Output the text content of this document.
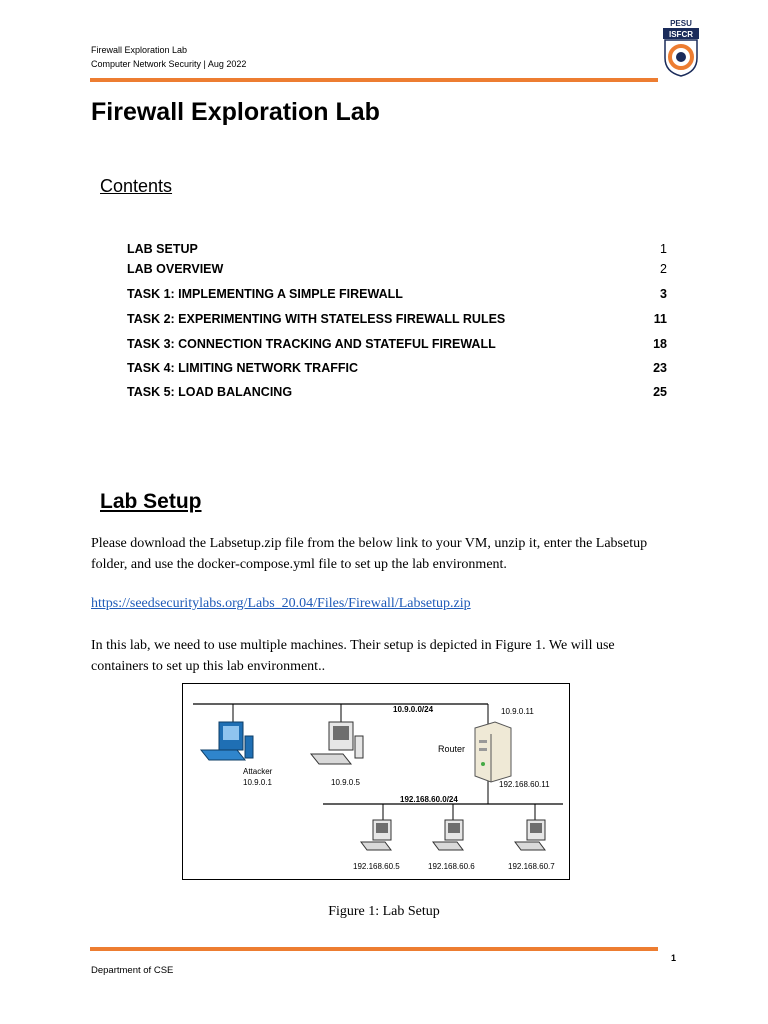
Firewall Exploration Lab
Computer Network Security | Aug 2022
PESU
ISFCR
Firewall Exploration Lab
Contents
LAB SETUP	1
LAB OVERVIEW	2
TASK 1: IMPLEMENTING A SIMPLE FIREWALL	3
TASK 2: EXPERIMENTING WITH STATELESS FIREWALL RULES	11
TASK 3: CONNECTION TRACKING AND STATEFUL FIREWALL	18
TASK 4: LIMITING NETWORK TRAFFIC	23
TASK 5: LOAD BALANCING	25
Lab Setup
Please download the Labsetup.zip file from the below link to your VM, unzip it, enter the Labsetup folder, and use the docker-compose.yml file to set up the lab environment.
https://seedsecuritylabs.org/Labs_20.04/Files/Firewall/Labsetup.zip
In this lab, we need to use multiple machines. Their setup is depicted in Figure 1. We will use containers to set up this lab environment..
10.9.0.0/24	10.9.0.11
Router
192.168.60.11
Attacker
10.9.0.1	10.9.0.5
192.168.60.0/24
192.168.60.5	192.168.60.6	192.168.60.7
Figure 1: Lab Setup
1
Department of CSE
